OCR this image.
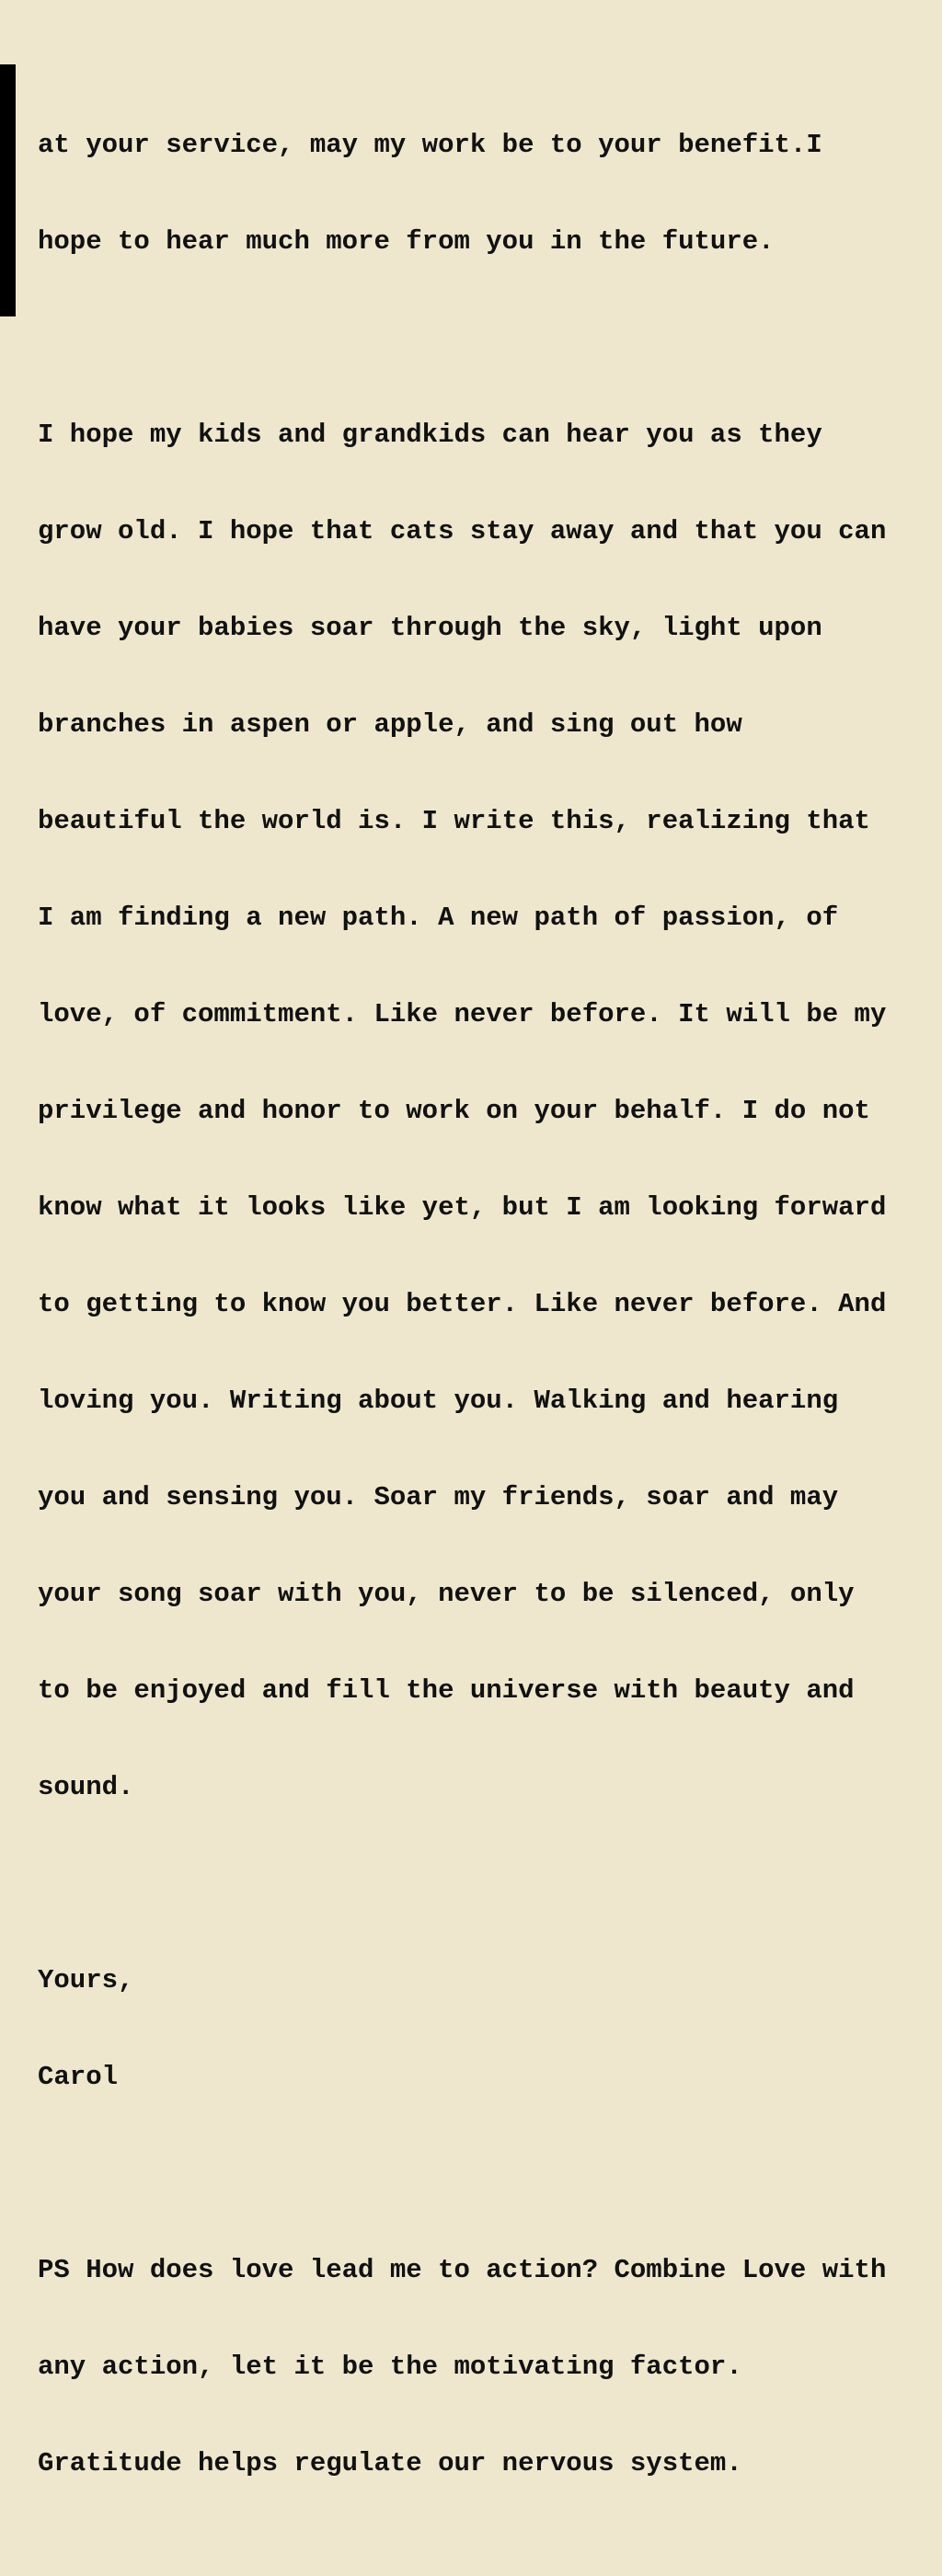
at your service, may my work be to your benefit.I

hope to hear much more from you in the future.

I hope my kids and grandkids can hear you as they

grow old. I hope that cats stay away and that you can

have your babies soar through the sky, light upon

branches in aspen or apple, and sing out how

beautiful the world is. I write this, realizing that

I am finding a new path. A new path of passion, of

love, of commitment. Like never before. It will be my

privilege and honor to work on your behalf. I do not

know what it looks like yet, but I am looking forward

to getting to know you better. Like never before. And

loving you. Writing about you. Walking and hearing

you and sensing you. Soar my friends, soar and may

your song soar with you, never to be silenced, only

to be enjoyed and fill the universe with beauty and

sound.

Yours,

Carol

PS How does love lead me to action? Combine Love with

any action, let it be the motivating factor.

Gratitude helps regulate our nervous system.
